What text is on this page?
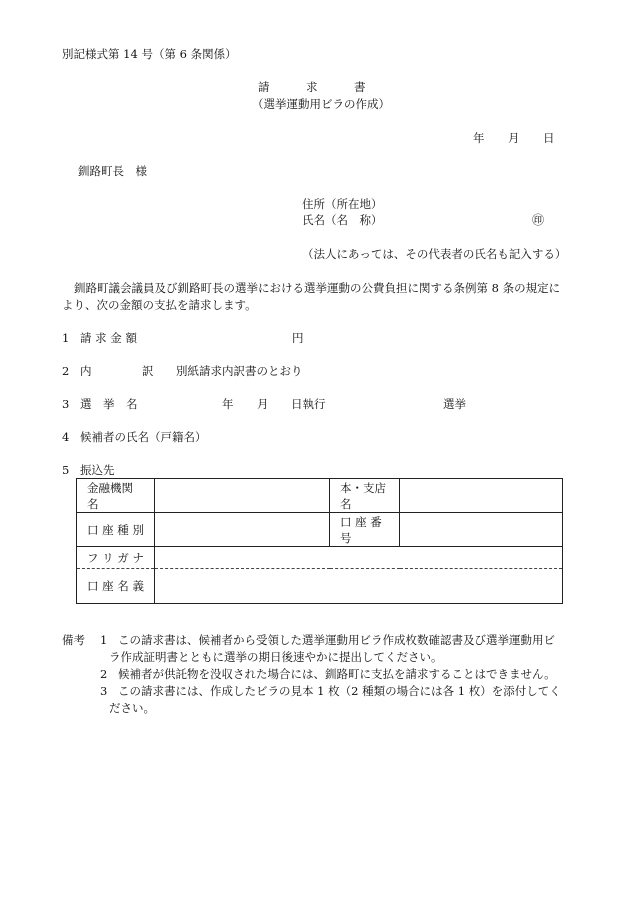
別記様式第 14 号（第 6 条関係）
請　　　求　　　書
（選挙運動用ビラの作成）
年 月 日
釧路町長　様
住所（所在地）
氏名（名　称）	㊞
（法人にあっては、その代表者の氏名も記入する）
釧路町議会議員及び釧路町長の選挙における選挙運動の公費負担に関する条例第 8 条の規定に
より、次の金額の支払を請求します。
1 請 求 金 額	円
2 内	訳 別紙請求内訳書のとおり
3 選　挙　名	年 月 日執行	選挙
4 候補者の氏名（戸籍名）
5 振込先
金融機関名		本・支店名	
口 座 種 別		口 座 番 号	
フ リ ガ ナ			
口 座 名 義			
備考 1 この請求書は、候補者から受領した選挙運動用ビラ作成枚数確認書及び選挙運動用ビ
ラ作成証明書とともに選挙の期日後速やかに提出してください。
2 候補者が供託物を没収された場合には、釧路町に支払を請求することはできません。
3 この請求書には、作成したビラの見本 1 枚（2 種類の場合には各 1 枚）を添付してく
ださい。
